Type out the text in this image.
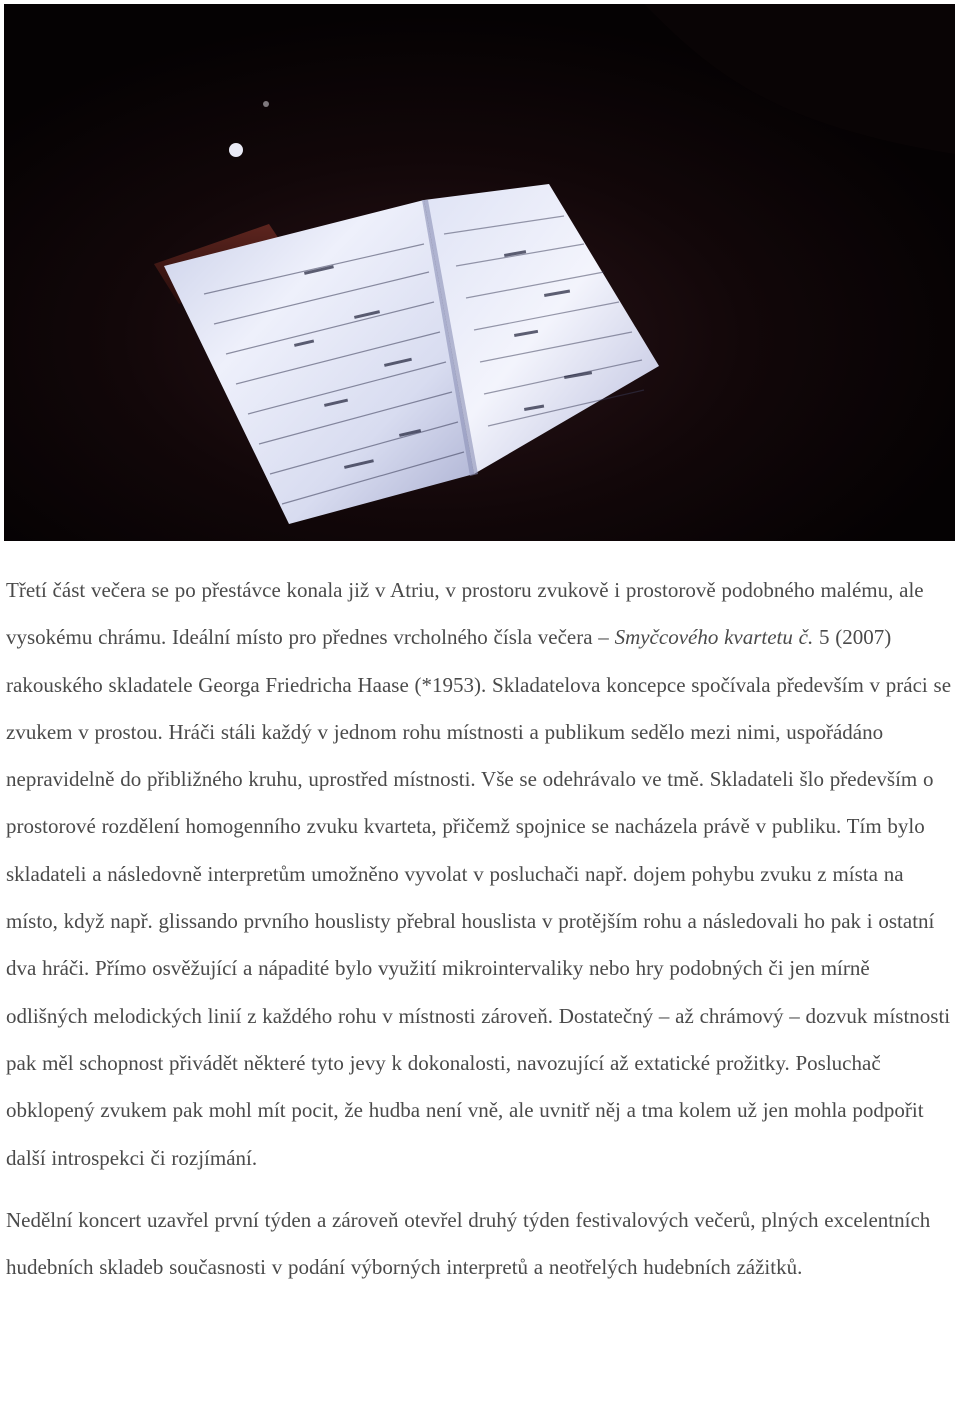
Třetí část večera se po přestávce konala již v Atriu, v prostoru zvukově i prostorově podobného malému, ale vysokému chrámu. Ideální místo pro přednes vrcholného čísla večera – Smyčcového kvartetu č. 5 (2007) rakouského skladatele Georga Friedricha Haase (*1953). Skladatelova koncepce spočívala především v práci se zvukem v prostou. Hráči stáli každý v jednom rohu místnosti a publikum sedělo mezi nimi, uspořádáno nepravidelně do přibližného kruhu, uprostřed místnosti. Vše se odehrávalo ve tmě. Skladateli šlo především o prostorové rozdělení homogenního zvuku kvarteta, přičemž spojnice se nacházela právě v publiku. Tím bylo skladateli a následovně interpretům umožněno vyvolat v posluchači např. dojem pohybu zvuku z místa na místo, když např. glissando prvního houslisty přebral houslista v protějším rohu a následovali ho pak i ostatní dva hráči. Přímo osvěžující a nápadité bylo využití mikrointervaliky nebo hry podobných či jen mírně odlišných melodických linií z každého rohu v místnosti zároveň. Dostatečný – až chrámový – dozvuk místnosti pak měl schopnost přivádět některé tyto jevy k dokonalosti, navozující až extatické prožitky. Posluchač obklopený zvukem pak mohl mít pocit, že hudba není vně, ale uvnitř něj a tma kolem už jen mohla podpořit další introspekci či rozjímání.

Nedělní koncert uzavřel první týden a zároveň otevřel druhý týden festivalových večerů, plných excelentních hudebních skladeb současnosti v podání výborných interpretů a neotřelých hudebních zážitků.
